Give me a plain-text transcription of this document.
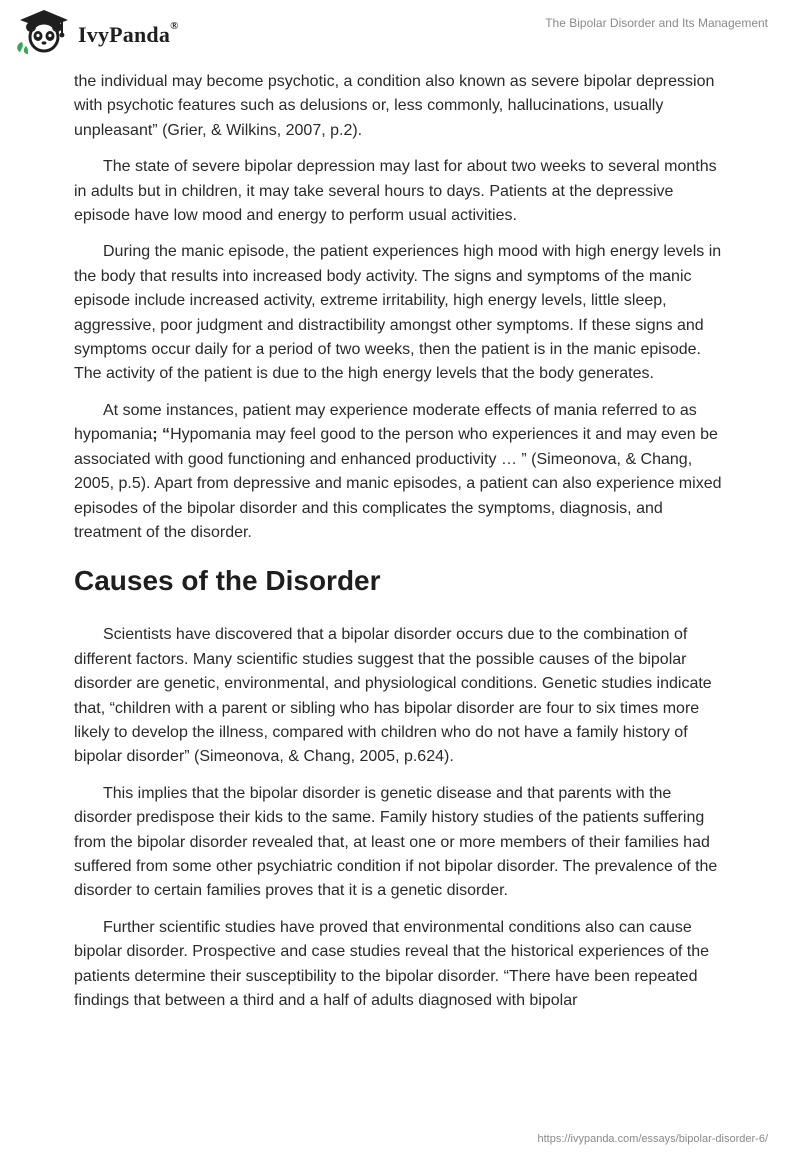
IvyPanda®	The Bipolar Disorder and Its Management

the individual may become psychotic, a condition also known as severe bipolar depression with psychotic features such as delusions or, less commonly, hallucinations, usually unpleasant” (Grier, & Wilkins, 2007, p.2).

The state of severe bipolar depression may last for about two weeks to several months in adults but in children, it may take several hours to days. Patients at the depressive episode have low mood and energy to perform usual activities.

During the manic episode, the patient experiences high mood with high energy levels in the body that results into increased body activity. The signs and symptoms of the manic episode include increased activity, extreme irritability, high energy levels, little sleep, aggressive, poor judgment and distractibility amongst other symptoms. If these signs and symptoms occur daily for a period of two weeks, then the patient is in the manic episode. The activity of the patient is due to the high energy levels that the body generates.

At some instances, patient may experience moderate effects of mania referred to as hypomania; “Hypomania may feel good to the person who experiences it and may even be associated with good functioning and enhanced productivity … ” (Simeonova, & Chang, 2005, p.5). Apart from depressive and manic episodes, a patient can also experience mixed episodes of the bipolar disorder and this complicates the symptoms, diagnosis, and treatment of the disorder.

Causes of the Disorder

Scientists have discovered that a bipolar disorder occurs due to the combination of different factors. Many scientific studies suggest that the possible causes of the bipolar disorder are genetic, environmental, and physiological conditions. Genetic studies indicate that, “children with a parent or sibling who has bipolar disorder are four to six times more likely to develop the illness, compared with children who do not have a family history of bipolar disorder” (Simeonova, & Chang, 2005, p.624).

This implies that the bipolar disorder is genetic disease and that parents with the disorder predispose their kids to the same. Family history studies of the patients suffering from the bipolar disorder revealed that, at least one or more members of their families had suffered from some other psychiatric condition if not bipolar disorder. The prevalence of the disorder to certain families proves that it is a genetic disorder.

Further scientific studies have proved that environmental conditions also can cause bipolar disorder. Prospective and case studies reveal that the historical experiences of the patients determine their susceptibility to the bipolar disorder. “There have been repeated findings that between a third and a half of adults diagnosed with bipolar

https://ivypanda.com/essays/bipolar-disorder-6/
